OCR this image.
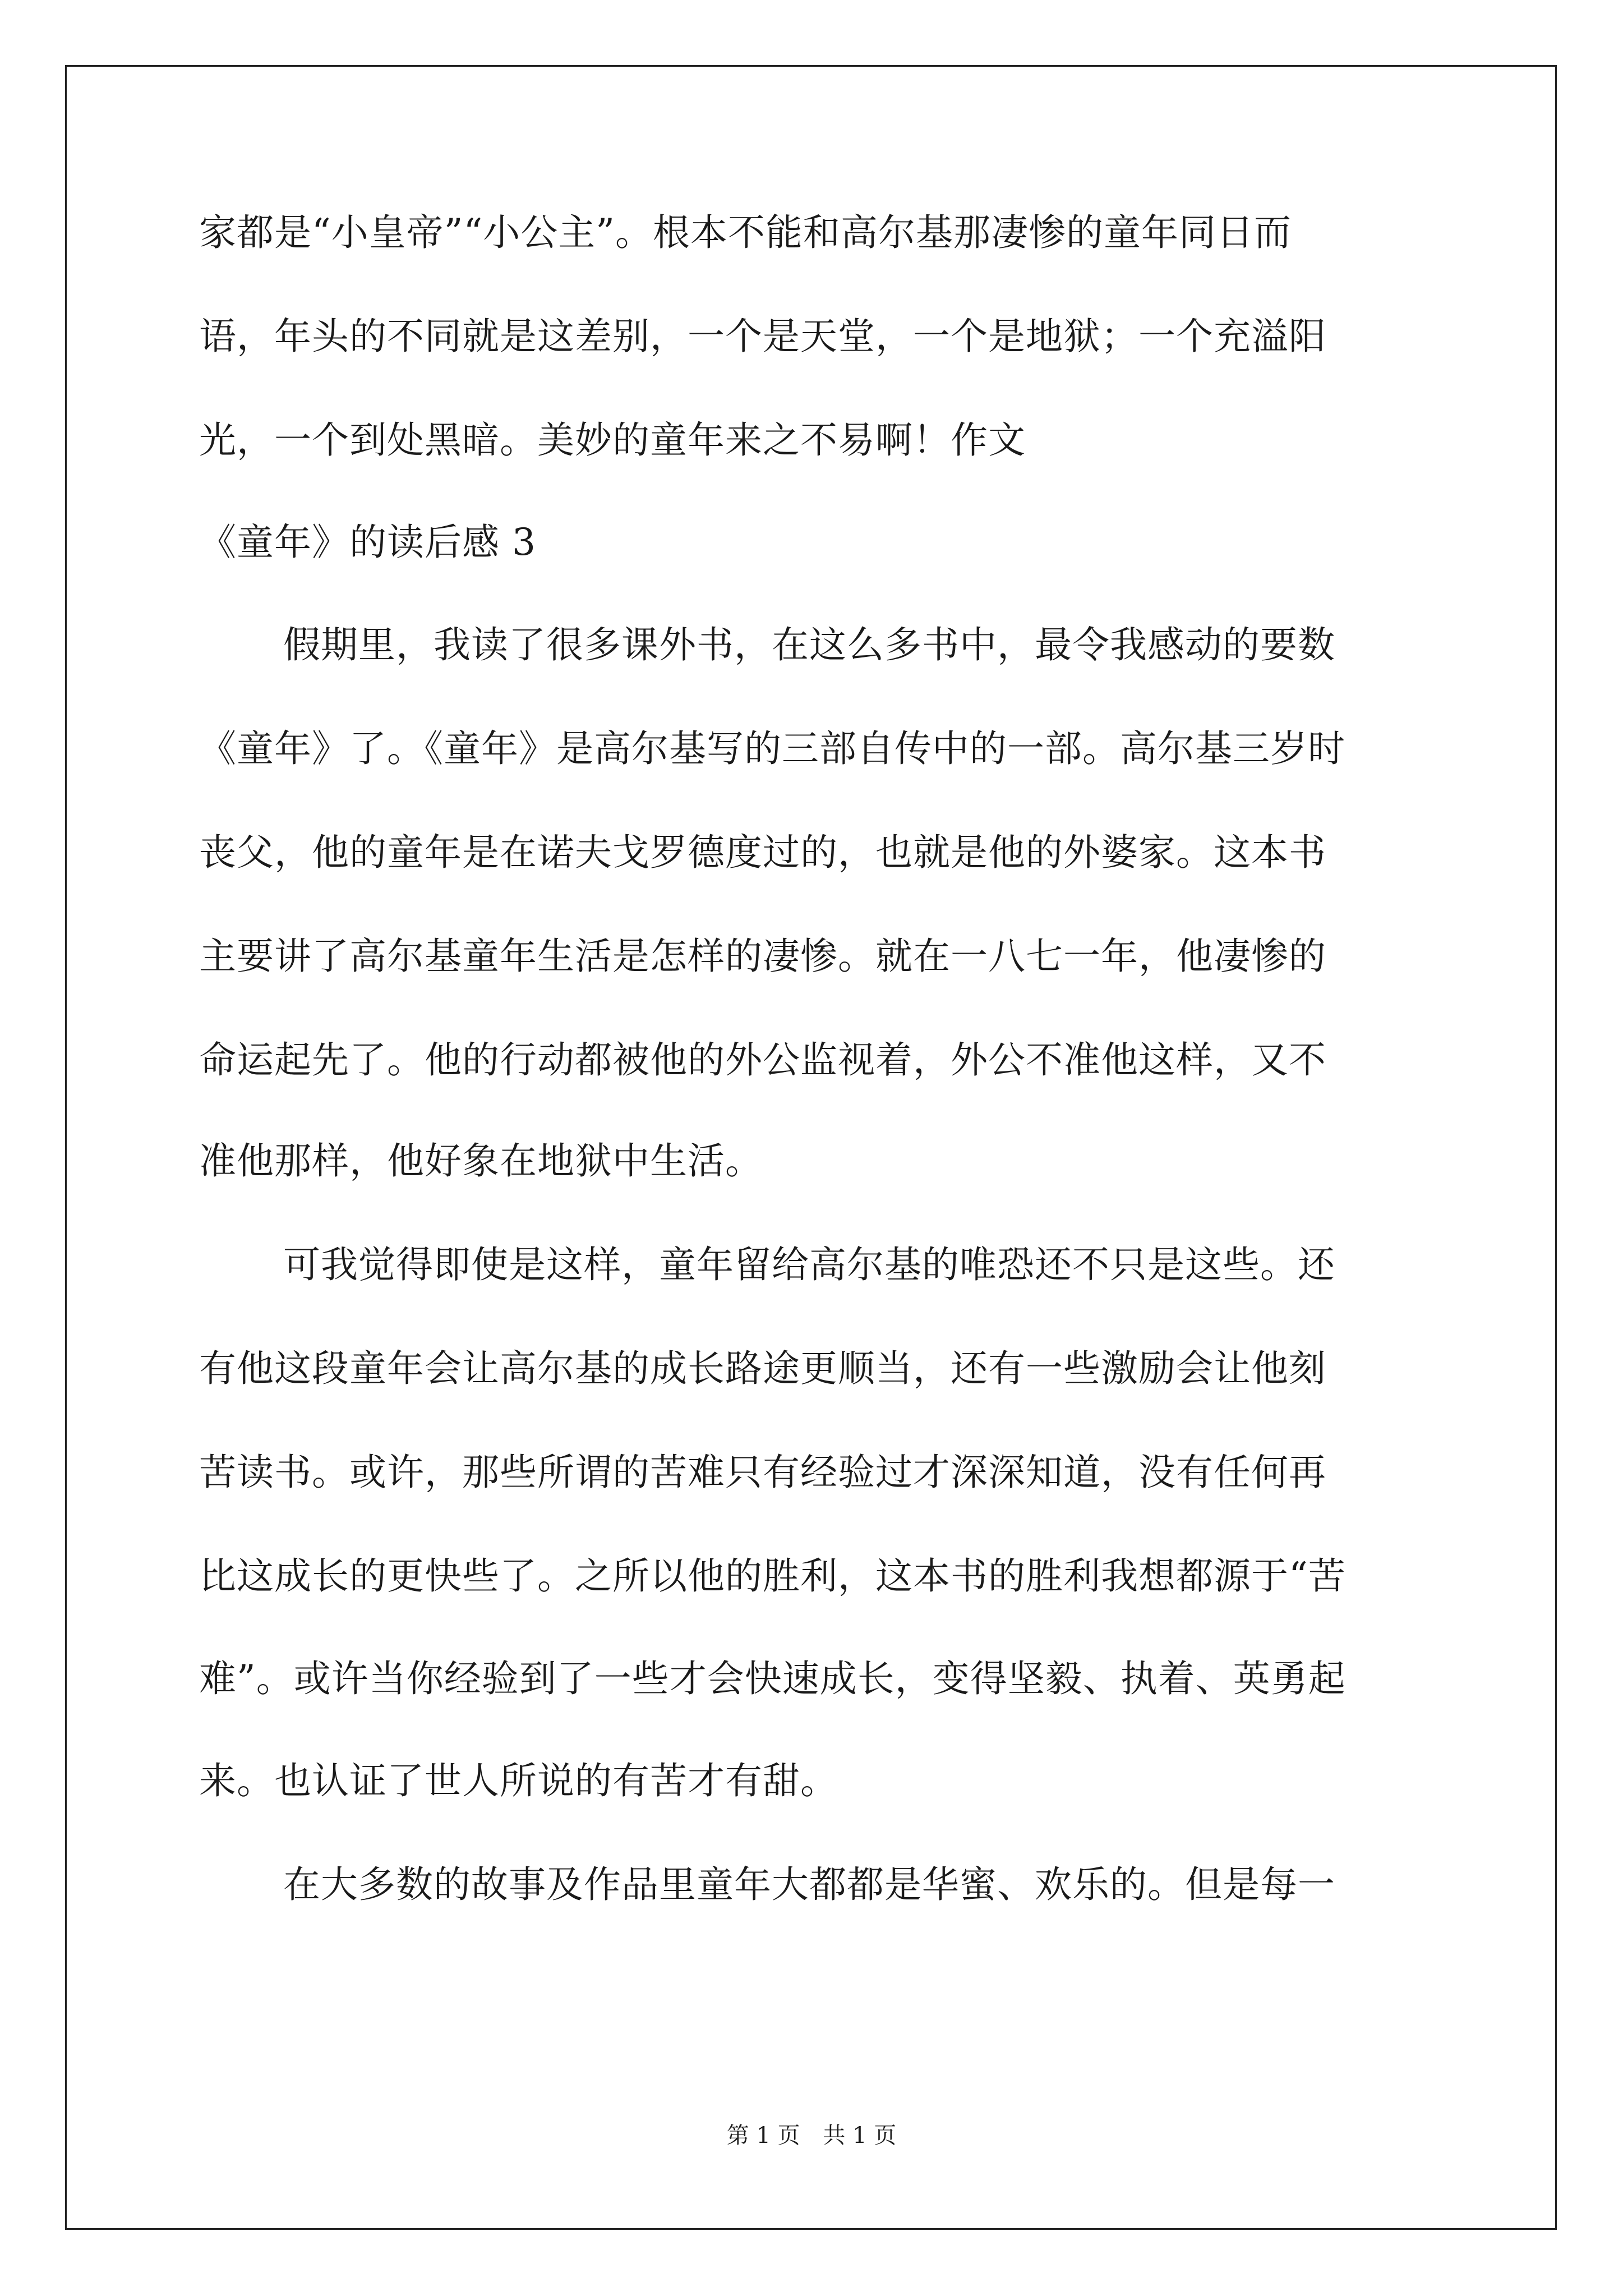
家都是“小皇帝”“小公主”。根本不能和高尔基那凄惨的童年同日而
语，年头的不同就是这差别，一个是天堂，一个是地狱；一个充溢阳
光，一个到处黑暗。美妙的童年来之不易啊！作文
《童年》的读后感 3
假期里，我读了很多课外书，在这么多书中，最令我感动的要数
《童年》了。《童年》是高尔基写的三部自传中的一部。高尔基三岁时
丧父，他的童年是在诺夫戈罗德度过的，也就是他的外婆家。这本书
主要讲了高尔基童年生活是怎样的凄惨。就在一八七一年，他凄惨的
命运起先了。他的行动都被他的外公监视着，外公不准他这样，又不
准他那样，他好象在地狱中生活。
可我觉得即使是这样，童年留给高尔基的唯恐还不只是这些。还
有他这段童年会让高尔基的成长路途更顺当，还有一些激励会让他刻
苦读书。或许，那些所谓的苦难只有经验过才深深知道，没有任何再
比这成长的更快些了。之所以他的胜利，这本书的胜利我想都源于“苦
难”。或许当你经验到了一些才会快速成长，变得坚毅、执着、英勇起
来。也认证了世人所说的有苦才有甜。
在大多数的故事及作品里童年大都都是华蜜、欢乐的。但是每一
第 1 页 共 1 页
